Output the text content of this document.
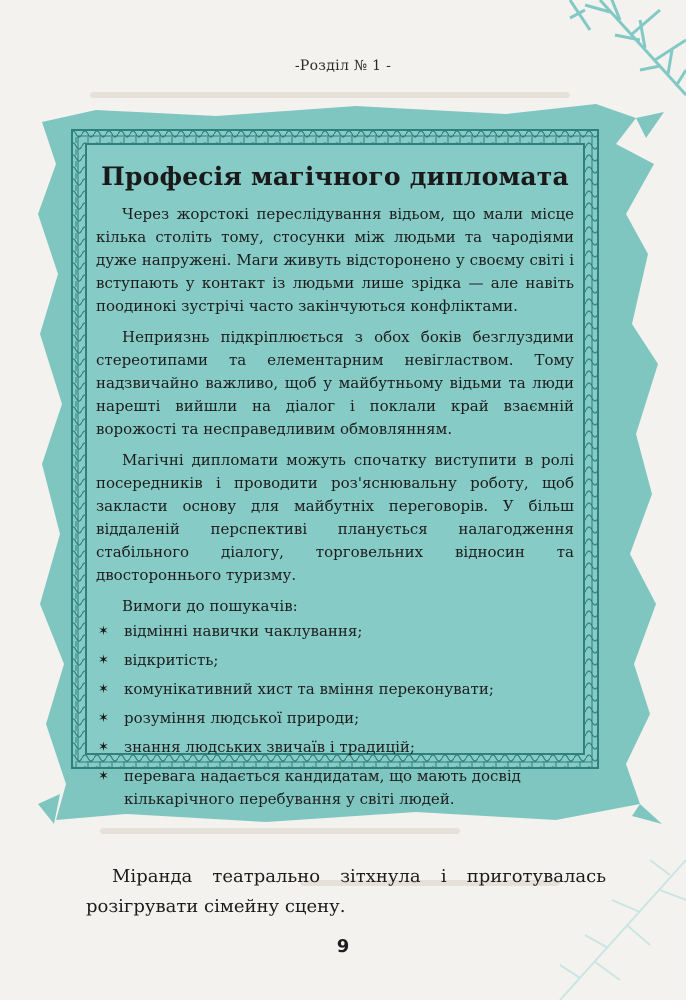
-Розділ № 1 -
Професія магічного дипломата

Через жорстокі переслідування відьом, що мали місце кілька століть тому, стосунки між людьми та чародіями дуже напружені. Маги живуть відсторонено у своєму світі і вступають у контакт із людьми лише зрідка — але навіть поодинокі зустрічі часто закінчуються конфліктами.

Неприязнь підкріплюється з обох боків безглуздими стереотипами та елементарним невіглаством. Тому надзвичайно важливо, щоб у майбутньому відьми та люди нарешті вийшли на діалог і поклали край взаємній ворожості та несправедливим обмовлянням.

Магічні дипломати можуть спочатку виступити в ролі посередників і проводити роз'яснювальну роботу, щоб закласти основу для майбутніх переговорів. У більш віддаленій перспективі планується налагодження стабільного діалогу, торговельних відносин та двостороннього туризму.

Вимоги до пошукачів:
✶ відмінні навички чаклування;
✶ відкритість;
✶ комунікативний хист та вміння переконувати;
✶ розуміння людської природи;
✶ знання людських звичаїв і традицій;
✶ перевага надається кандидатам, що мають досвід кількарічного перебування у світі людей.

Міранда театрально зітхнула і приготувалась розігрувати сімейну сцену.

9
